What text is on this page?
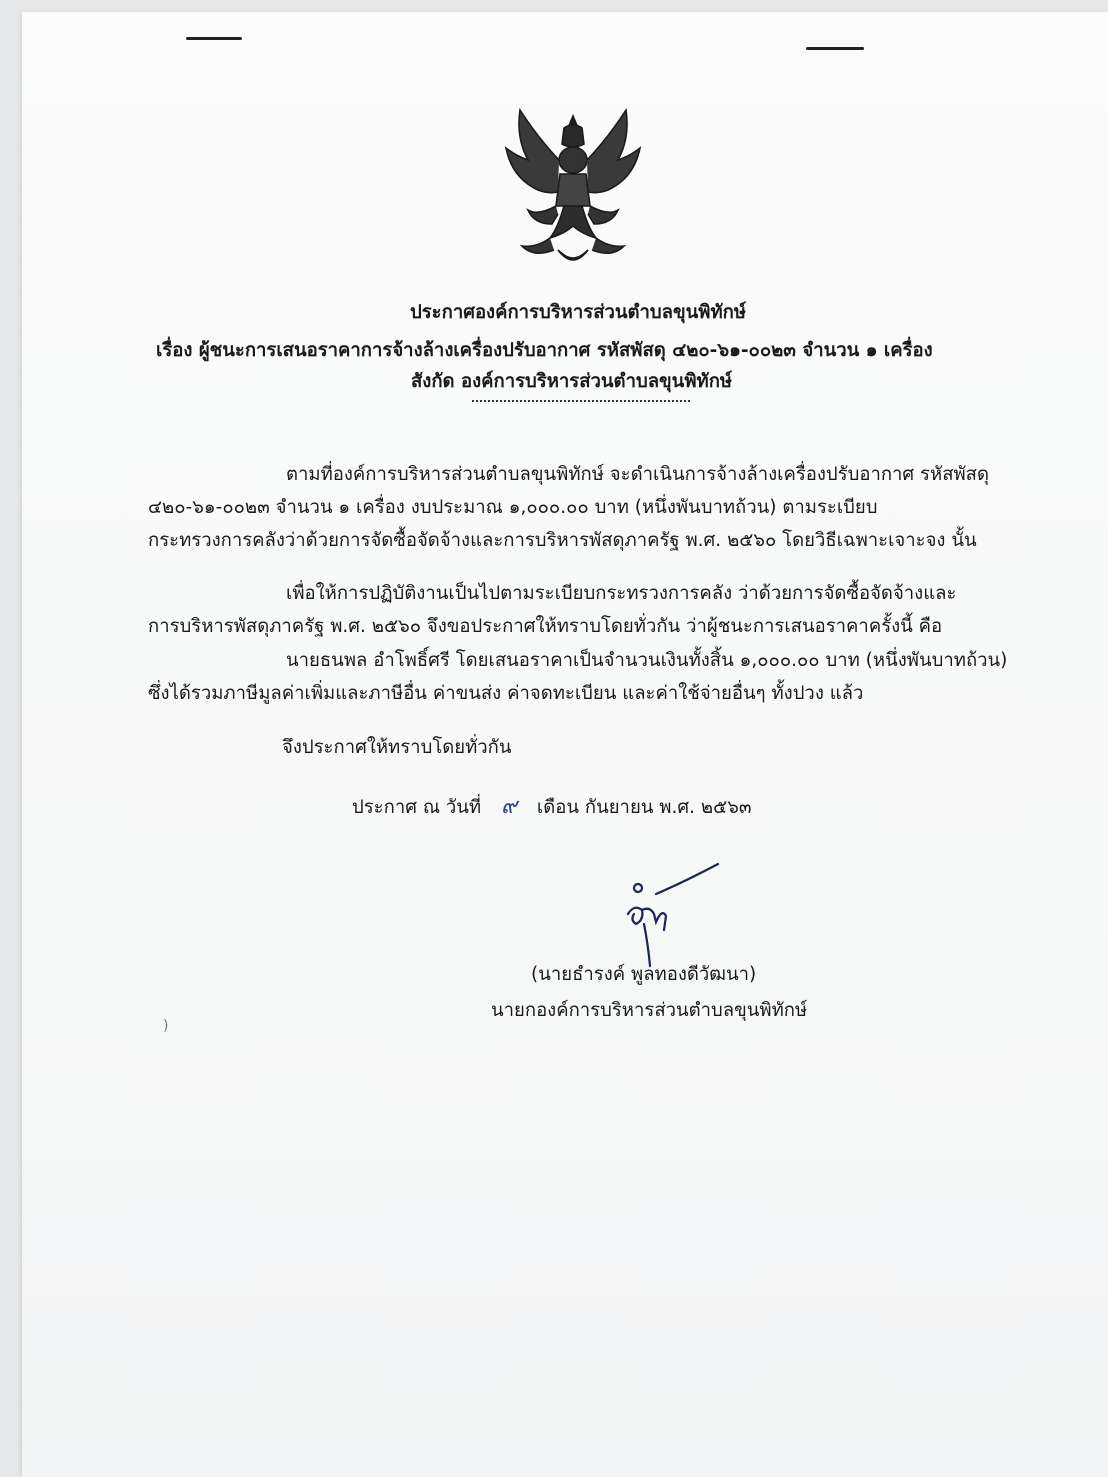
ประกาศองค์การบริหารส่วนตำบลขุนพิทักษ์
เรื่อง ผู้ชนะการเสนอราคาการจ้างล้างเครื่องปรับอากาศ รหัสพัสดุ ๔๒๐-๖๑-๐๐๒๓ จำนวน ๑ เครื่อง
สังกัด องค์การบริหารส่วนตำบลขุนพิทักษ์
ตามที่องค์การบริหารส่วนตำบลขุนพิทักษ์ จะดำเนินการจ้างล้างเครื่องปรับอากาศ รหัสพัสดุ
๔๒๐-๖๑-๐๐๒๓ จำนวน ๑ เครื่อง งบประมาณ ๑,๐๐๐.๐๐ บาท (หนึ่งพันบาทถ้วน) ตามระเบียบ
กระทรวงการคลังว่าด้วยการจัดซื้อจัดจ้างและการบริหารพัสดุภาครัฐ พ.ศ. ๒๕๖๐ โดยวิธีเฉพาะเจาะจง นั้น
เพื่อให้การปฏิบัติงานเป็นไปตามระเบียบกระทรวงการคลัง ว่าด้วยการจัดซื้อจัดจ้างและ
การบริหารพัสดุภาครัฐ พ.ศ. ๒๕๖๐ จึงขอประกาศให้ทราบโดยทั่วกัน ว่าผู้ชนะการเสนอราคาครั้งนี้ คือ
นายธนพล อำโพธิ์ศรี โดยเสนอราคาเป็นจำนวนเงินทั้งสิ้น ๑,๐๐๐.๐๐ บาท (หนึ่งพันบาทถ้วน)
ซึ่งได้รวมภาษีมูลค่าเพิ่มและภาษีอื่น ค่าขนส่ง ค่าจดทะเบียน และค่าใช้จ่ายอื่นๆ ทั้งปวง แล้ว
จึงประกาศให้ทราบโดยทั่วกัน
ประกาศ ณ วันที่ ๙ เดือน กันยายน พ.ศ. ๒๕๖๓
(นายธำรงค์ พูลทองดีวัฒนา)
นายกองค์การบริหารส่วนตำบลขุนพิทักษ์
)
